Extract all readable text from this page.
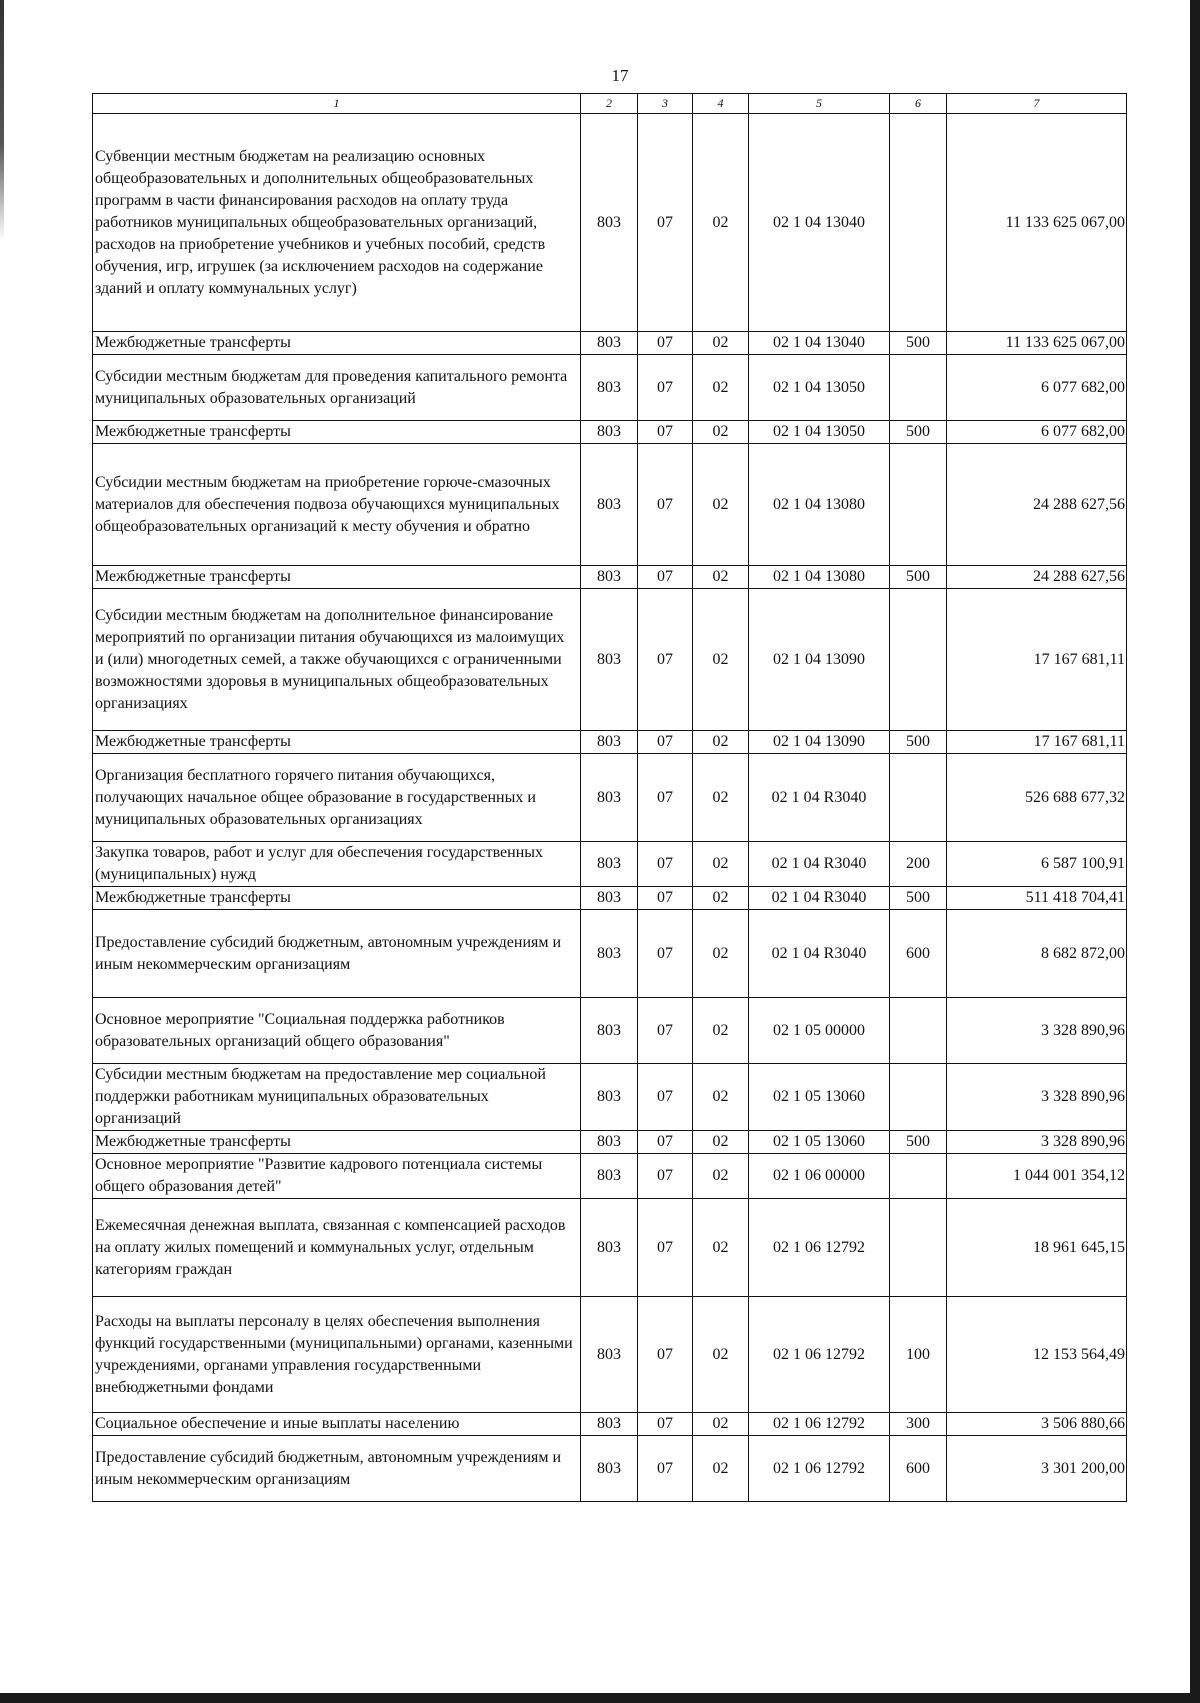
17
1	2	3	4	5	6	7
Субвенции местным бюджетам на реализацию основных общеобразовательных и дополнительных общеобразовательных программ в части финансирования расходов на оплату труда работников муниципальных общеобразовательных организаций, расходов на приобретение учебников и учебных пособий, средств обучения, игр, игрушек (за исключением расходов на содержание зданий и оплату коммунальных услуг)	803	07	02	02 1 04 13040		11 133 625 067,00
Межбюджетные трансферты	803	07	02	02 1 04 13040	500	11 133 625 067,00
Субсидии местным бюджетам для проведения капитального ремонта муниципальных образовательных организаций	803	07	02	02 1 04 13050		6 077 682,00
Межбюджетные трансферты	803	07	02	02 1 04 13050	500	6 077 682,00
Субсидии местным бюджетам на приобретение горюче-смазочных материалов для обеспечения подвоза обучающихся муниципальных общеобразовательных организаций к месту обучения и обратно	803	07	02	02 1 04 13080		24 288 627,56
Межбюджетные трансферты	803	07	02	02 1 04 13080	500	24 288 627,56
Субсидии местным бюджетам на дополнительное финансирование мероприятий по организации питания обучающихся из малоимущих и (или) многодетных семей, а также обучающихся с ограниченными возможностями здоровья в муниципальных общеобразовательных организациях	803	07	02	02 1 04 13090		17 167 681,11
Межбюджетные трансферты	803	07	02	02 1 04 13090	500	17 167 681,11
Организация бесплатного горячего питания обучающихся, получающих начальное общее образование в государственных и муниципальных образовательных организациях	803	07	02	02 1 04 R3040		526 688 677,32
Закупка товаров, работ и услуг для обеспечения государственных (муниципальных) нужд	803	07	02	02 1 04 R3040	200	6 587 100,91
Межбюджетные трансферты	803	07	02	02 1 04 R3040	500	511 418 704,41
Предоставление субсидий бюджетным, автономным учреждениям и иным некоммерческим организациям	803	07	02	02 1 04 R3040	600	8 682 872,00
Основное мероприятие "Социальная поддержка работников образовательных организаций общего образования"	803	07	02	02 1 05 00000		3 328 890,96
Субсидии местным бюджетам на предоставление мер социальной поддержки работникам муниципальных образовательных организаций	803	07	02	02 1 05 13060		3 328 890,96
Межбюджетные трансферты	803	07	02	02 1 05 13060	500	3 328 890,96
Основное мероприятие "Развитие кадрового потенциала системы общего образования детей"	803	07	02	02 1 06 00000		1 044 001 354,12
Ежемесячная денежная выплата, связанная с компенсацией расходов на оплату жилых помещений и коммунальных услуг, отдельным категориям граждан	803	07	02	02 1 06 12792		18 961 645,15
Расходы на выплаты персоналу в целях обеспечения выполнения функций государственными (муниципальными) органами, казенными учреждениями, органами управления государственными внебюджетными фондами	803	07	02	02 1 06 12792	100	12 153 564,49
Социальное обеспечение и иные выплаты населению	803	07	02	02 1 06 12792	300	3 506 880,66
Предоставление субсидий бюджетным, автономным учреждениям и иным некоммерческим организациям	803	07	02	02 1 06 12792	600	3 301 200,00
